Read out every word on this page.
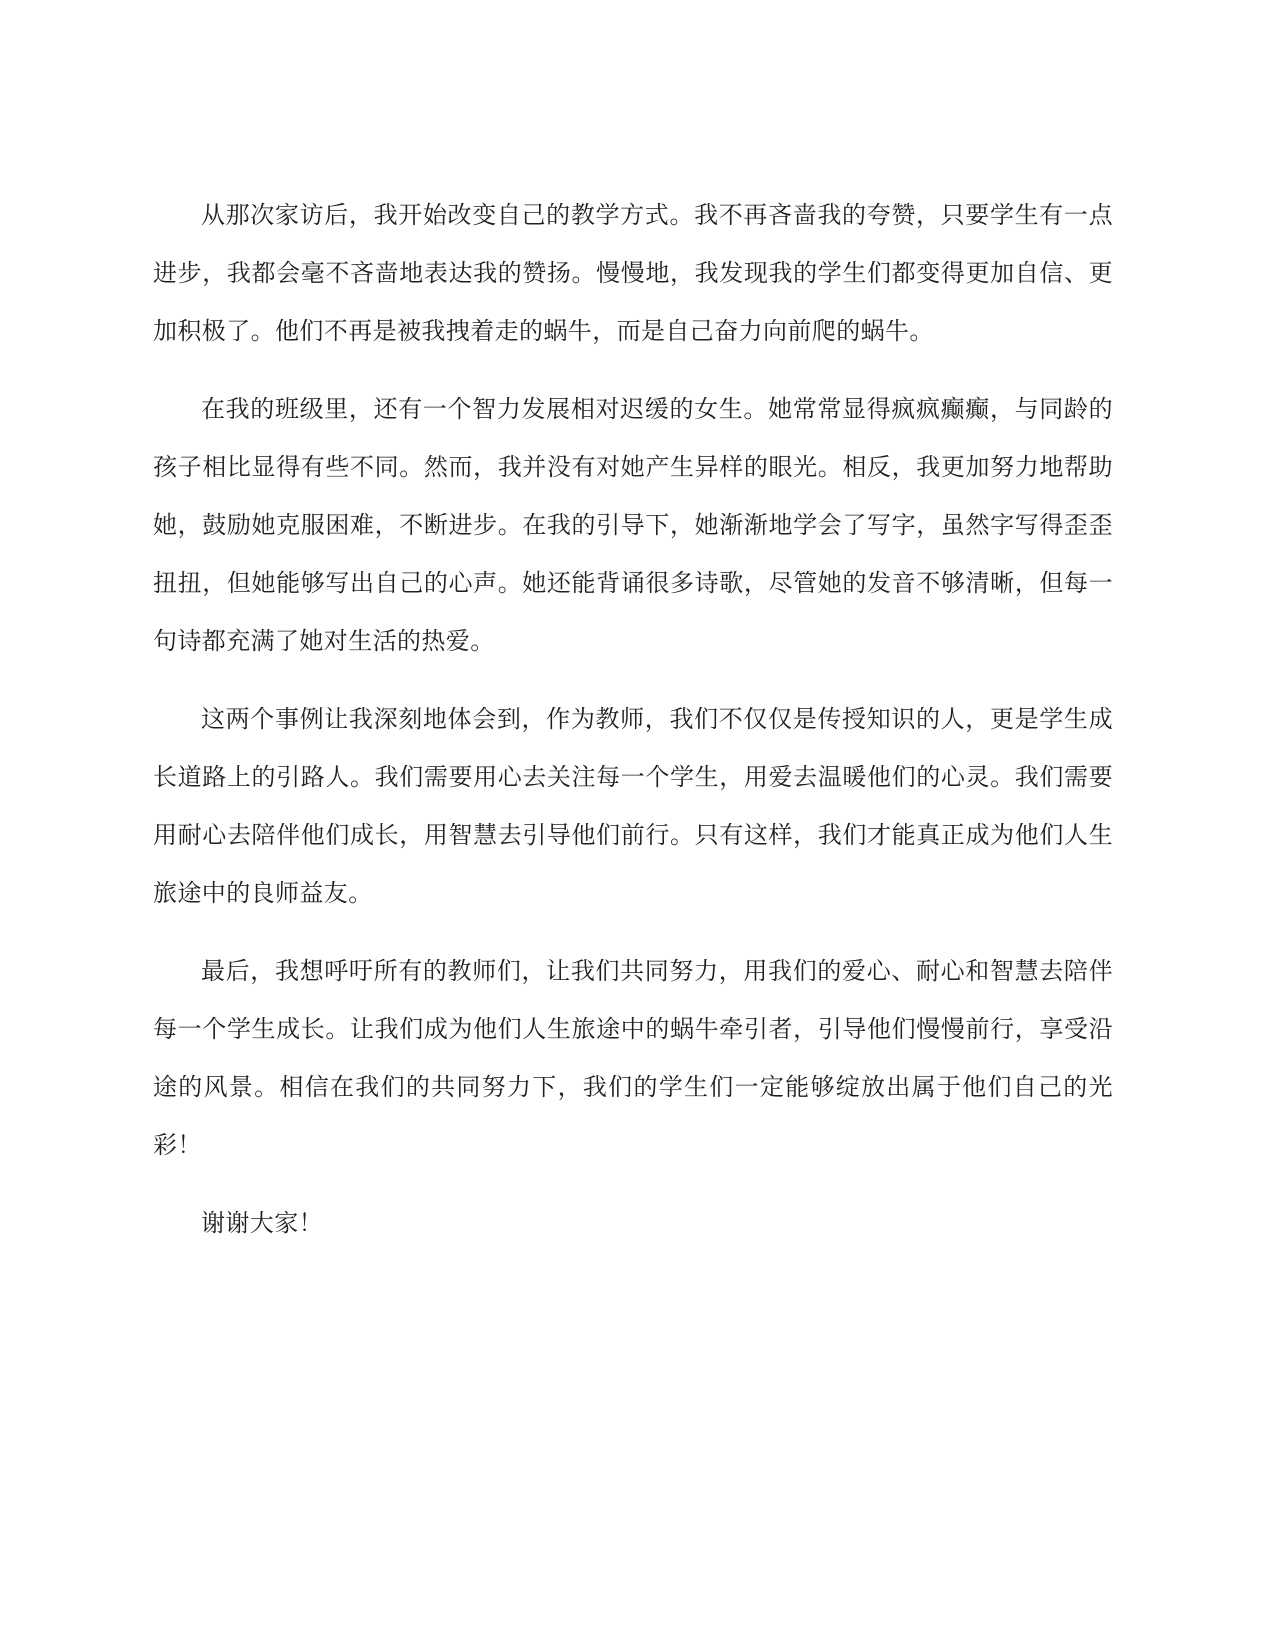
从那次家访后，我开始改变自己的教学方式。我不再吝啬我的夸赞，只要学生有一点进步，我都会毫不吝啬地表达我的赞扬。慢慢地，我发现我的学生们都变得更加自信、更加积极了。他们不再是被我拽着走的蜗牛，而是自己奋力向前爬的蜗牛。

在我的班级里，还有一个智力发展相对迟缓的女生。她常常显得疯疯癫癫，与同龄的孩子相比显得有些不同。然而，我并没有对她产生异样的眼光。相反，我更加努力地帮助她，鼓励她克服困难，不断进步。在我的引导下，她渐渐地学会了写字，虽然字写得歪歪扭扭，但她能够写出自己的心声。她还能背诵很多诗歌，尽管她的发音不够清晰，但每一句诗都充满了她对生活的热爱。

这两个事例让我深刻地体会到，作为教师，我们不仅仅是传授知识的人，更是学生成长道路上的引路人。我们需要用心去关注每一个学生，用爱去温暖他们的心灵。我们需要用耐心去陪伴他们成长，用智慧去引导他们前行。只有这样，我们才能真正成为他们人生旅途中的良师益友。

最后，我想呼吁所有的教师们，让我们共同努力，用我们的爱心、耐心和智慧去陪伴每一个学生成长。让我们成为他们人生旅途中的蜗牛牵引者，引导他们慢慢前行，享受沿途的风景。相信在我们的共同努力下，我们的学生们一定能够绽放出属于他们自己的光彩！

谢谢大家！
